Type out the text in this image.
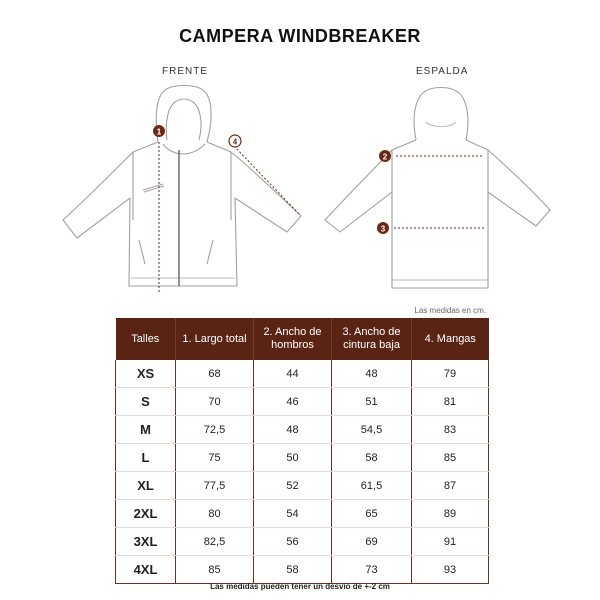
CAMPERA WINDBREAKER
FRENTE	ESPALDA
1
4
2
3
Las medidas en cm.
Talles	1. Largo total	2. Ancho de hombros	3. Ancho de cintura baja	4. Mangas
XS	68	44	48	79
S	70	46	51	81
M	72,5	48	54,5	83
L	75	50	58	85
XL	77,5	52	61,5	87
2XL	80	54	65	89
3XL	82,5	56	69	91
4XL	85	58	73	93
Las medidas pueden tener un desvío de +-2 cm
